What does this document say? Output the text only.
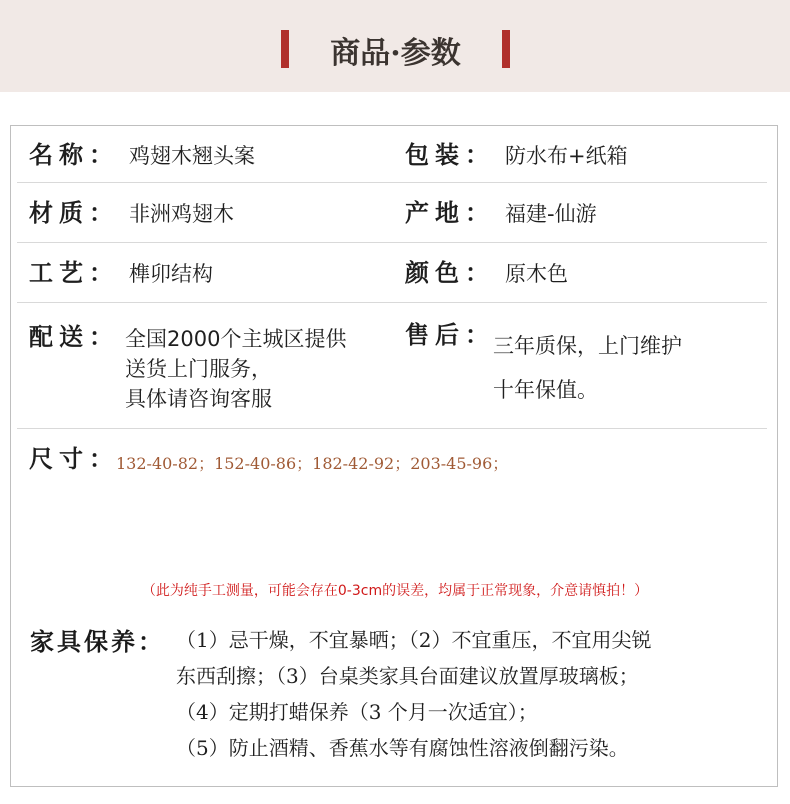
商品·参数
名称： 鸡翅木翘头案	包装： 防水布+纸箱
材质： 非洲鸡翅木	产地： 福建-仙游
工艺： 榫卯结构	颜色： 原木色
配送： 全国2000个主城区提供
送货上门服务，
具体请咨询客服
售后：
三年质保，上门维护
十年保值。
尺寸：
132-40-82；152-40-86；182-42-92；203-45-96；
（此为纯手工测量，可能会存在0-3cm的误差，均属于正常现象，介意请慎拍！）
家具保养： （1）忌干燥，不宜暴晒；（2）不宜重压，不宜用尖锐
东西刮擦；（3）台桌类家具台面建议放置厚玻璃板；
（4）定期打蜡保养（3 个月一次适宜）；
（5）防止酒精、香蕉水等有腐蚀性溶液倒翻污染。
